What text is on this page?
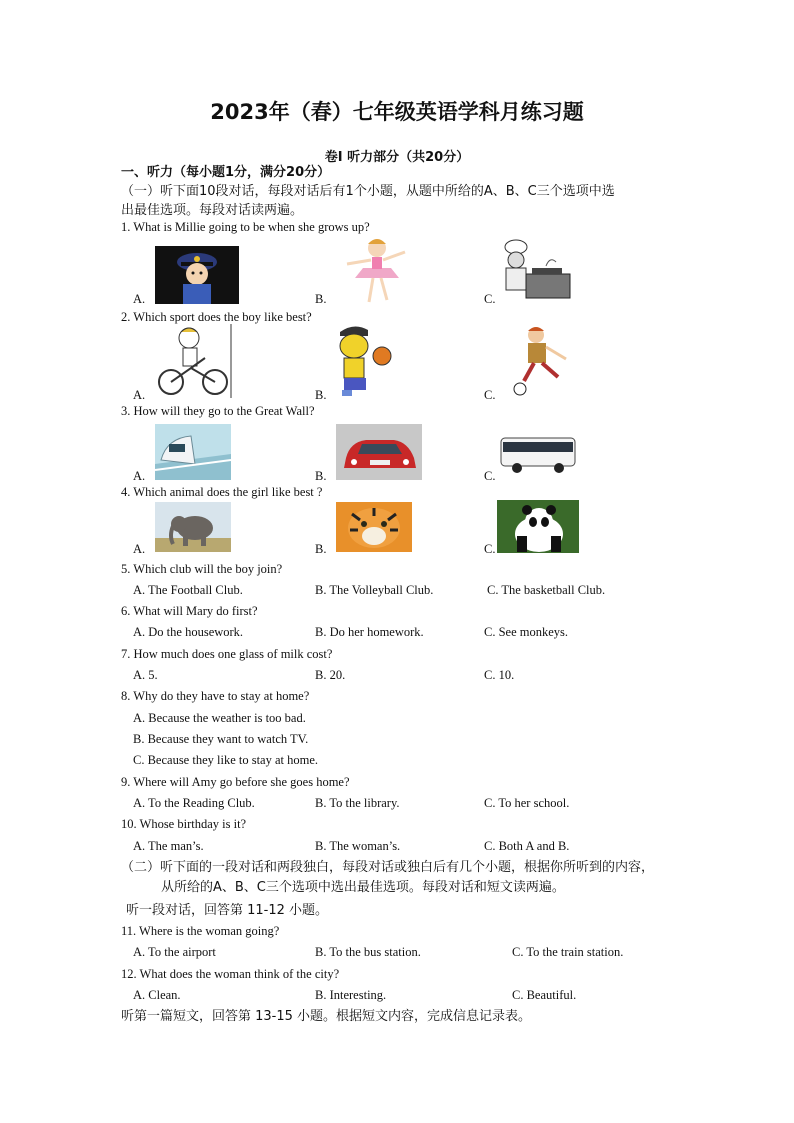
2023年（春）七年级英语学科月练习题
卷I 听力部分（共20分）
一、听力（每小题1分，满分20分）
（一）听下面10段对话，每段对话后有1个小题，从题中所给的A、B、C三个选项中选
出最佳选项。每段对话读两遍。
1. What is Millie going to be when she grows up?
A.	B.	C.
2. Which sport does the boy like best?
A.	B.	C.
3. How will they go to the Great Wall?
A.	B.	C.
4. Which animal does the girl like best ?
A.	B.	C.
5. Which club will the boy join?
A. The Football Club.	B. The Volleyball Club.	C. The basketball Club.
6. What will Mary do first?
A. Do the housework.	B. Do her homework.	C. See monkeys.
7. How much does one glass of milk cost?
A. 5.	B. 20.	C. 10.
8. Why do they have to stay at home?
A. Because the weather is too bad.
B. Because they want to watch TV.
C. Because they like to stay at home.
9. Where will Amy go before she goes home?
A. To the Reading Club.	B. To the library.	C. To her school.
10. Whose birthday is it?
A. The man’s.	B. The woman’s.	C. Both A and B.
（二）听下面的一段对话和两段独白，每段对话或独白后有几个小题，根据你所听到的内容，
从所给的A、B、C三个选项中选出最佳选项。每段对话和短文读两遍。
听一段对话，回答第 11-12 小题。
11. Where is the woman going?
A. To the airport	B. To the bus station.	C. To the train station.
12. What does the woman think of the city?
A. Clean.	B. Interesting.	C. Beautiful.
听第一篇短文，回答第 13-15 小题。根据短文内容，完成信息记录表。
